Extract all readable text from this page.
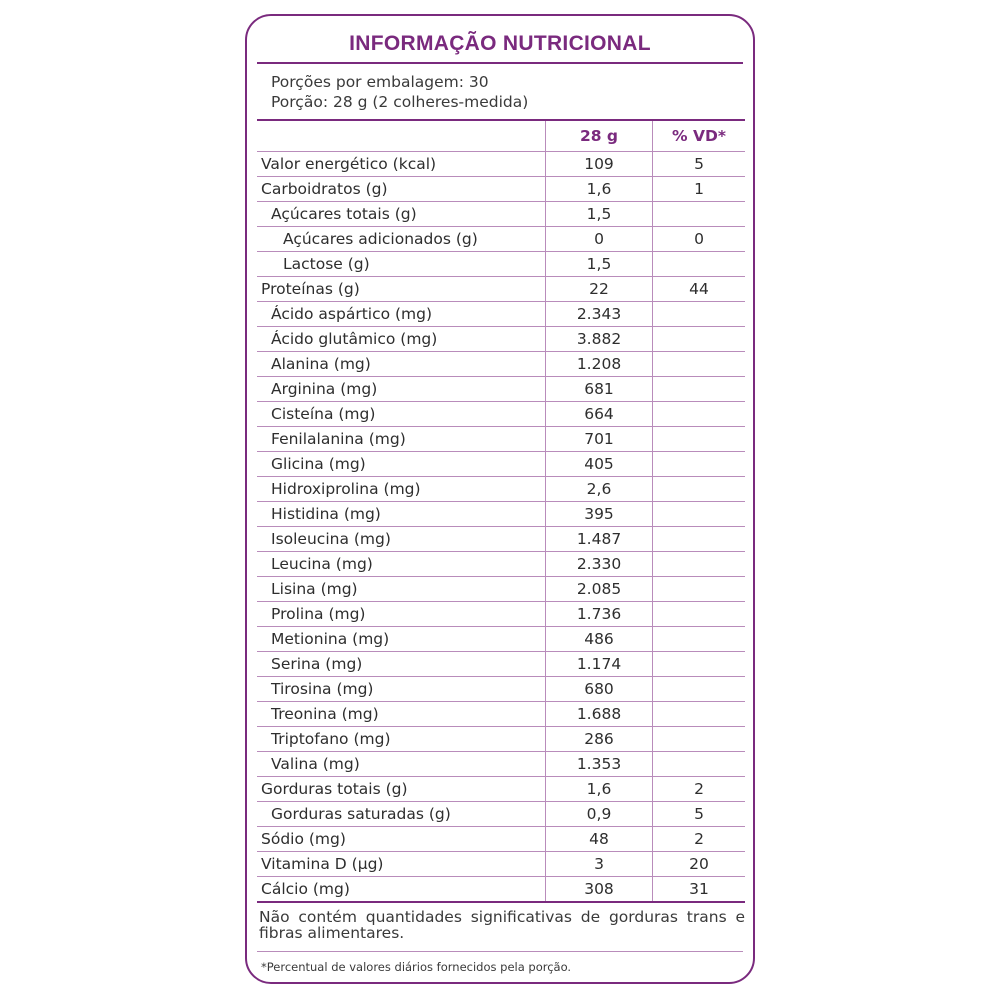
INFORMAÇÃO NUTRICIONAL
Porções por embalagem: 30
Porção: 28 g (2 colheres-medida)
	28 g	% VD*
Valor energético (kcal)	109	5
Carboidratos (g)	1,6	1
Açúcares totais (g)	1,5	
Açúcares adicionados (g)	0	0
Lactose (g)	1,5	
Proteínas (g)	22	44
Ácido aspártico (mg)	2.343	
Ácido glutâmico (mg)	3.882	
Alanina (mg)	1.208	
Arginina (mg)	681	
Cisteína (mg)	664	
Fenilalanina (mg)	701	
Glicina (mg)	405	
Hidroxiprolina (mg)	2,6	
Histidina (mg)	395	
Isoleucina (mg)	1.487	
Leucina (mg)	2.330	
Lisina (mg)	2.085	
Prolina (mg)	1.736	
Metionina (mg)	486	
Serina (mg)	1.174	
Tirosina (mg)	680	
Treonina (mg)	1.688	
Triptofano (mg)	286	
Valina (mg)	1.353	
Gorduras totais (g)	1,6	2
Gorduras saturadas (g)	0,9	5
Sódio (mg)	48	2
Vitamina D (µg)	3	20
Cálcio (mg)	308	31
Não contém quantidades significativas de gorduras trans e fibras alimentares.
*Percentual de valores diários fornecidos pela porção.
